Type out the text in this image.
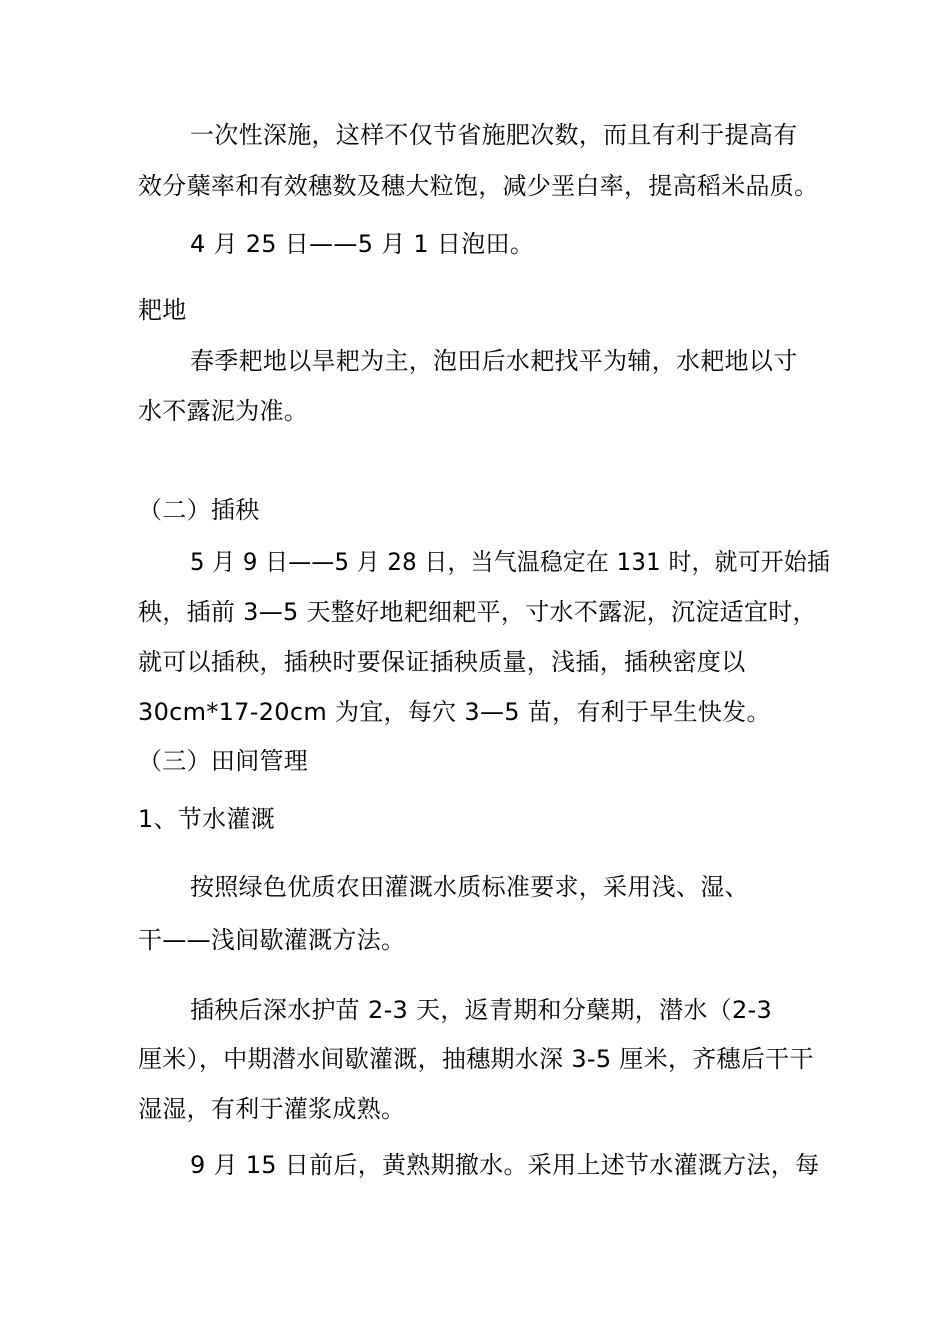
一次性深施，这样不仅节省施肥次数，而且有利于提高有
效分蘖率和有效穗数及穗大粒饱，减少垩白率，提高稻米品质。
4 月 25 日——5 月 1 日泡田。
耙地
春季耙地以旱耙为主，泡田后水耙找平为辅，水耙地以寸
水不露泥为准。
（二）插秧
5 月 9 日——5 月 28 日，当气温稳定在 131 时，就可开始插
秧，插前 3—5 天整好地耙细耙平，寸水不露泥，沉淀适宜时，
就可以插秧，插秧时要保证插秧质量，浅插，插秧密度以
30cm*17-20cm 为宜，每穴 3—5 苗，有利于早生快发。
（三）田间管理
1、节水灌溉
按照绿色优质农田灌溉水质标准要求，采用浅、湿、
干——浅间歇灌溉方法。
插秧后深水护苗 2-3 天，返青期和分蘖期，潜水（2-3
厘米），中期潜水间歇灌溉，抽穗期水深 3-5 厘米，齐穗后干干
湿湿，有利于灌浆成熟。
9 月 15 日前后，黄熟期撤水。采用上述节水灌溉方法，每
